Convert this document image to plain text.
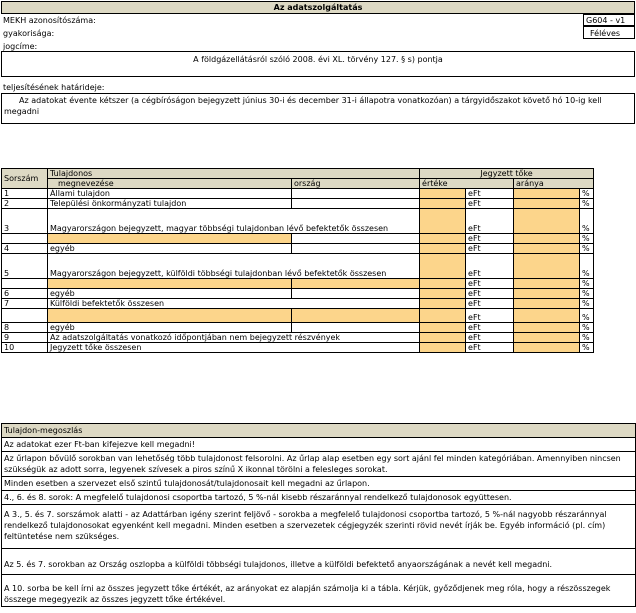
Az adatszolgáltatás
MEKH azonosítószáma:	G604 - v1
gyakorisága:	Féléves
jogcíme:
A földgázellátásról szóló 2008. évi XL. törvény 127. § s) pontja
teljesítésének határideje:
Az adatokat évente kétszer (a cégbíróságon bejegyzett június 30-i és december 31-i állapotra vonatkozóan) a tárgyidőszakot követő hó 10-ig kell megadni
Sorszám	Tulajdonos		Jegyzett tőke			
	megnevezése	ország	értéke		aránya	
1	Állami tulajdon			eFt		%
2	Települési önkormányzati tulajdon			eFt		%
3	Magyarországon bejegyzett, magyar többségi tulajdonban lévő befektetők összesen			eFt		%
				eFt		%
4	egyéb			eFt		%
5	Magyarországon bejegyzett, külföldi többségi tulajdonban lévő befektetők összesen			eFt		%
				eFt		%
6	egyéb			eFt		%
7	Külföldi befektetők összesen			eFt		%
				eFt		%
8	egyéb			eFt		%
9	Az adatszolgáltatás vonatkozó időpontjában nem bejegyzett részvények			eFt		%
10	Jegyzett tőke összesen			eFt		%
Tulajdon-megoszlás
Az adatokat ezer Ft-ban kifejezve kell megadni!
Az űrlapon bővülő sorokban van lehetőség több tulajdonost felsorolni. Az űrlap alap esetben egy sort ajánl fel minden kategóriában. Amennyiben nincsen szükségük az adott sorra, legyenek szívesek a piros színű X ikonnal törölni a felesleges sorokat.
Minden esetben a szervezet első szintű tulajdonosát/tulajdonosait kell megadni az űrlapon.
4., 6. és 8. sorok: A megfelelő tulajdonosi csoportba tartozó, 5 %-nál kisebb részaránnyal rendelkező tulajdonosok együttesen.
A 3., 5. és 7. sorszámok alatti - az Adattárban igény szerint feljövő - sorokba a megfelelő tulajdonosi csoportba tartozó, 5 %-nál nagyobb részaránnyal rendelkező tulajdonosokat egyenként kell megadni. Minden esetben a szervezetek cégjegyzék szerinti rövid nevét írják be. Egyéb információ (pl. cím) feltüntetése nem szükséges.
Az 5. és 7. sorokban az Ország oszlopba a külföldi többségi tulajdonos, illetve a külföldi befektető anyaországának a nevét kell megadni.
A 10. sorba be kell írni az összes jegyzett tőke értékét, az arányokat ez alapján számolja ki a tábla. Kérjük, győződjenek meg róla, hogy a részösszegek összege megegyezik az összes jegyzett tőke értékével.
